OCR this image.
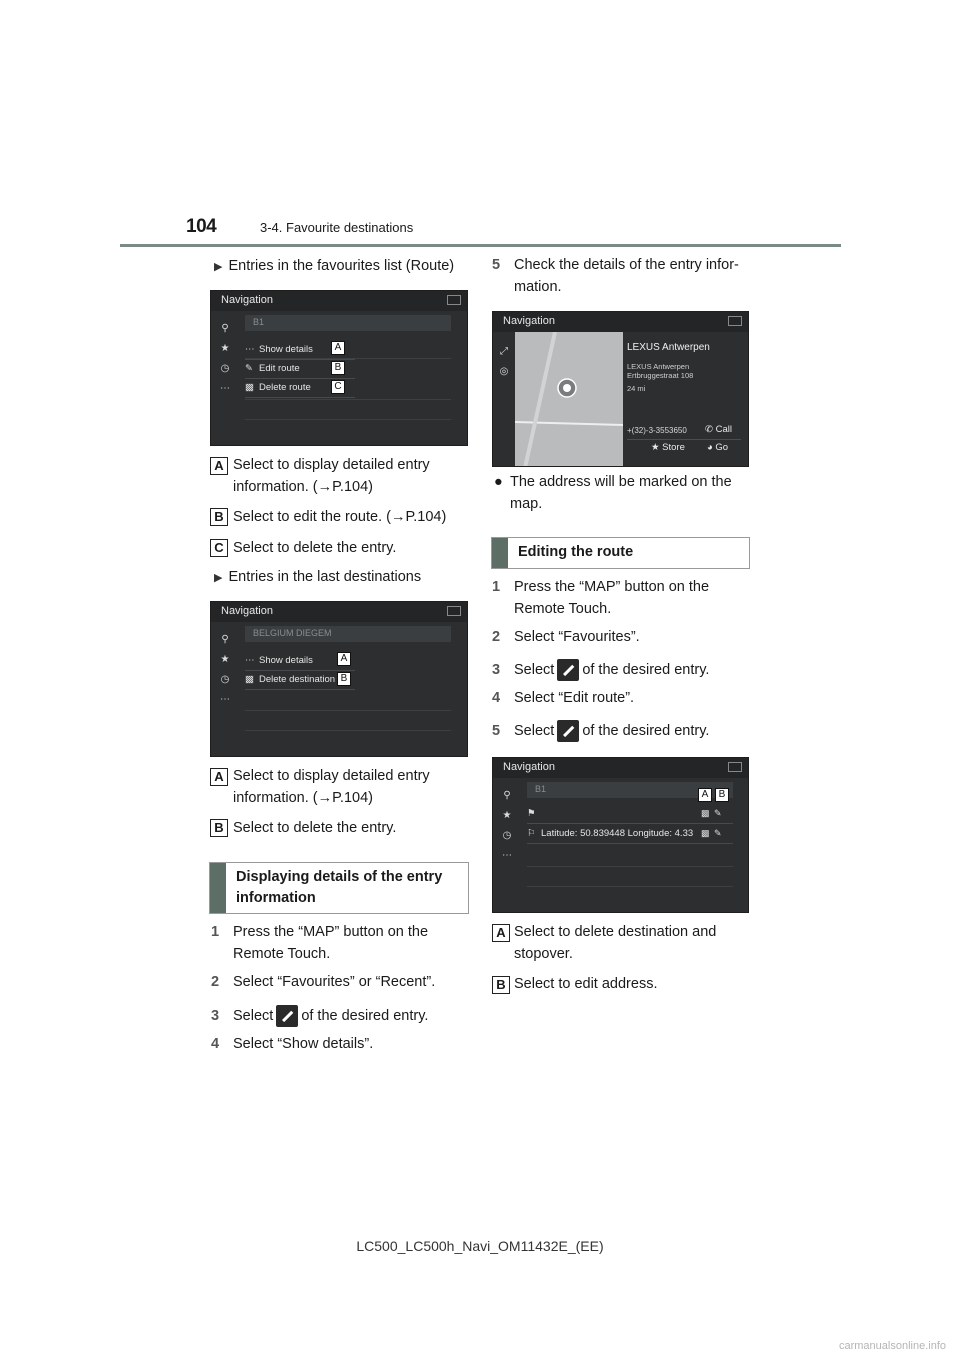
104	3-4. Favourite destinations
▶ Entries in the favourites list (Route)
Navigation
⚲
★
◷
⋯
B1
⋯ Show details
✎ Edit route
▩ Delete route
A
B
C
A Select to display detailed entry information. (→P.104)
B Select to edit the route. (→P.104)
C Select to delete the entry.
▶ Entries in the last destinations
Navigation
⚲
★
◷
⋯
BELGIUM DIEGEM
⋯ Show details
▩ Delete destination
A
B
A Select to display detailed entry information. (→P.104)
B Select to delete the entry.
Displaying details of the entry information
1 Press the “MAP” button on the Remote Touch.
2 Select “Favourites” or “Recent”.
3 Select of the desired entry.
4 Select “Show details”.
5 Check the details of the entry infor-mation.
Navigation
⤢
◎
LEXUS Antwerpen
LEXUS Antwerpen
Ertbruggestraat 108
24 mi
+(32)-3-3553650 ✆ Call
★ Store ◕ Go
● The address will be marked on the map.
Editing the route
1 Press the “MAP” button on the Remote Touch.
2 Select “Favourites”.
3 Select of the desired entry.
4 Select “Edit route”.
5 Select of the desired entry.
Navigation
⚲
★
◷
⋯
B1
⚑
⚐ Latitude: 50.839448 Longitude: 4.33
▩ ✎
▩ ✎
A	B
A Select to delete destination and stopover.
B Select to edit address.
LC500_LC500h_Navi_OM11432E_(EE)
carmanualsonline.info
